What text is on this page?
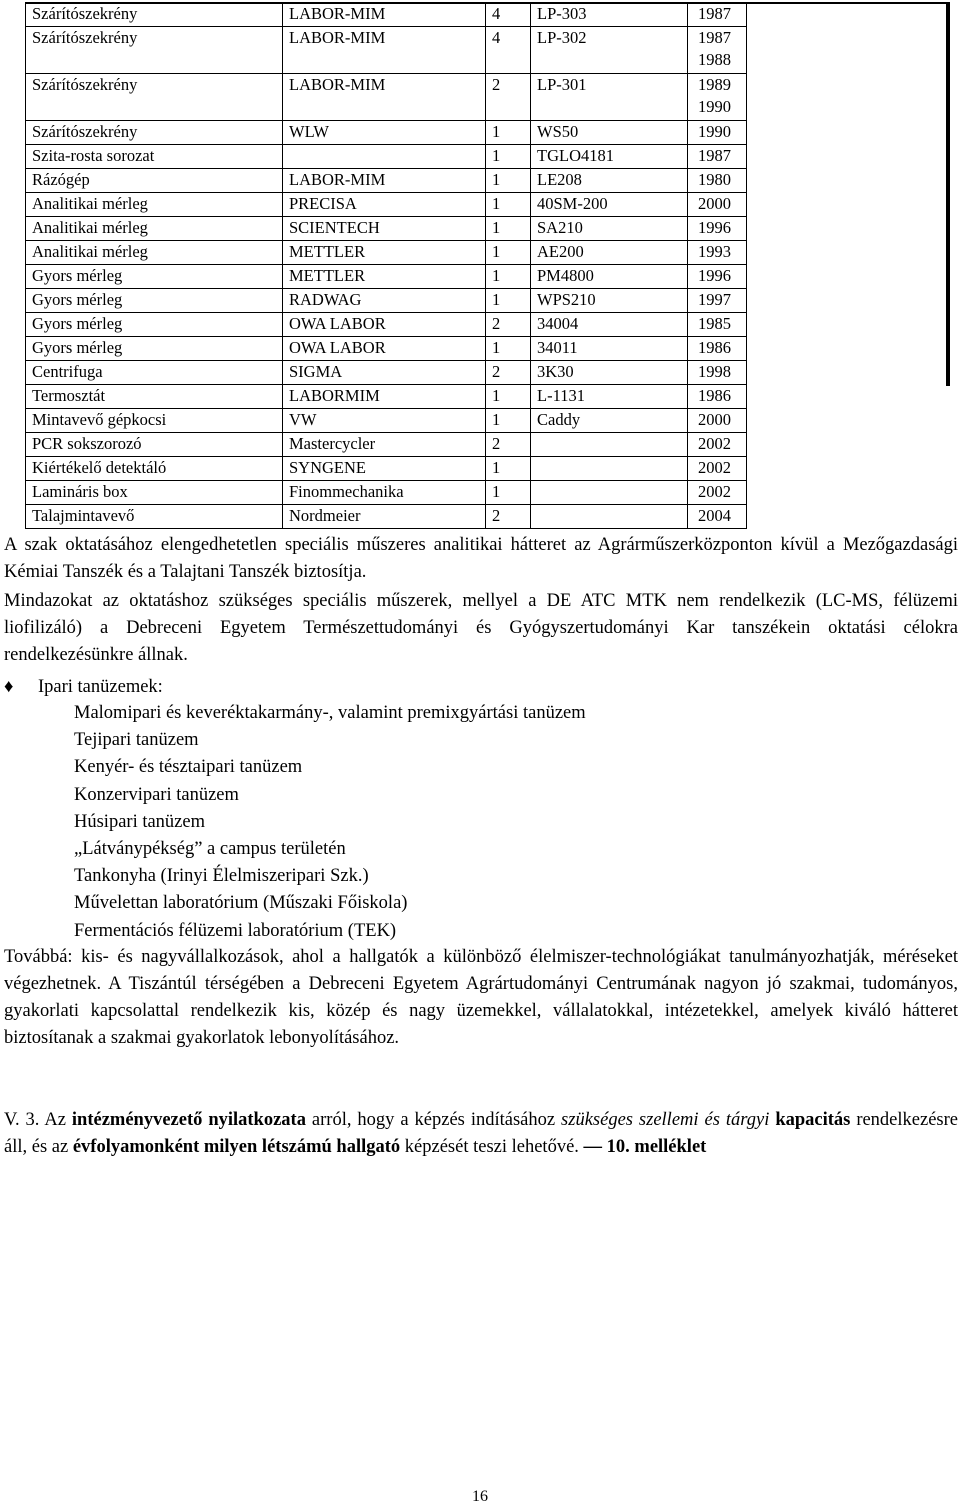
Szárítószekrény	LABOR-MIM	4	LP-303	1987
Szárítószekrény	LABOR-MIM	4	LP-302	1987
1988
Szárítószekrény	LABOR-MIM	2	LP-301	1989
1990
Szárítószekrény	WLW	1	WS50	1990
Szita-rosta sorozat		1	TGLO4181	1987
Rázógép	LABOR-MIM	1	LE208	1980
Analitikai mérleg	PRECISA	1	40SM-200	2000
Analitikai mérleg	SCIENTECH	1	SA210	1996
Analitikai mérleg	METTLER	1	AE200	1993
Gyors mérleg	METTLER	1	PM4800	1996
Gyors mérleg	RADWAG	1	WPS210	1997
Gyors mérleg	OWA LABOR	2	34004	1985
Gyors mérleg	OWA LABOR	1	34011	1986
Centrifuga	SIGMA	2	3K30	1998
Termosztát	LABORMIM	1	L-1131	1986
Mintavevő gépkocsi	VW	1	Caddy	2000
PCR sokszorozó	Mastercycler	2		2002
Kiértékelő detektáló	SYNGENE	1		2002
Lamináris box	Finommechanika	1		2002
Talajmintavevő	Nordmeier	2		2004

A szak oktatásához elengedhetetlen speciális műszeres analitikai hátteret az Agrárműszerközponton kívül a Mezőgazdasági Kémiai Tanszék és a Talajtani Tanszék biztosítja.

Mindazokat az oktatáshoz szükséges speciális műszerek, mellyel a DE ATC MTK nem rendelkezik (LC-MS, félüzemi liofilizáló) a Debreceni Egyetem Természettudományi és Gyógyszertudományi Kar tanszékein oktatási célokra rendelkezésünkre állnak.

♦ Ipari tanüzemek:
Malomipari és keveréktakarmány-, valamint premixgyártási tanüzem
Tejipari tanüzem
Kenyér- és tésztaipari tanüzem
Konzervipari tanüzem
Húsipari tanüzem
„Látványpékség” a campus területén
Tankonyha (Irinyi Élelmiszeripari Szk.)
Művelettan laboratórium (Műszaki Főiskola)
Fermentációs félüzemi laboratórium (TEK)

Továbbá: kis- és nagyvállalkozások, ahol a hallgatók a különböző élelmiszer-technológiákat tanulmányozhatják, méréseket végezhetnek. A Tiszántúl térségében a Debreceni Egyetem Agrártudományi Centrumának nagyon jó szakmai, tudományos, gyakorlati kapcsolattal rendelkezik kis, közép és nagy üzemekkel, vállalatokkal, intézetekkel, amelyek kiváló hátteret biztosítanak a szakmai gyakorlatok lebonyolításához.

V. 3. Az intézményvezető nyilatkozata arról, hogy a képzés indításához szükséges szellemi és tárgyi kapacitás rendelkezésre áll, és az évfolyamonként milyen létszámú hallgató képzését teszi lehetővé. — 10. melléklet

16
